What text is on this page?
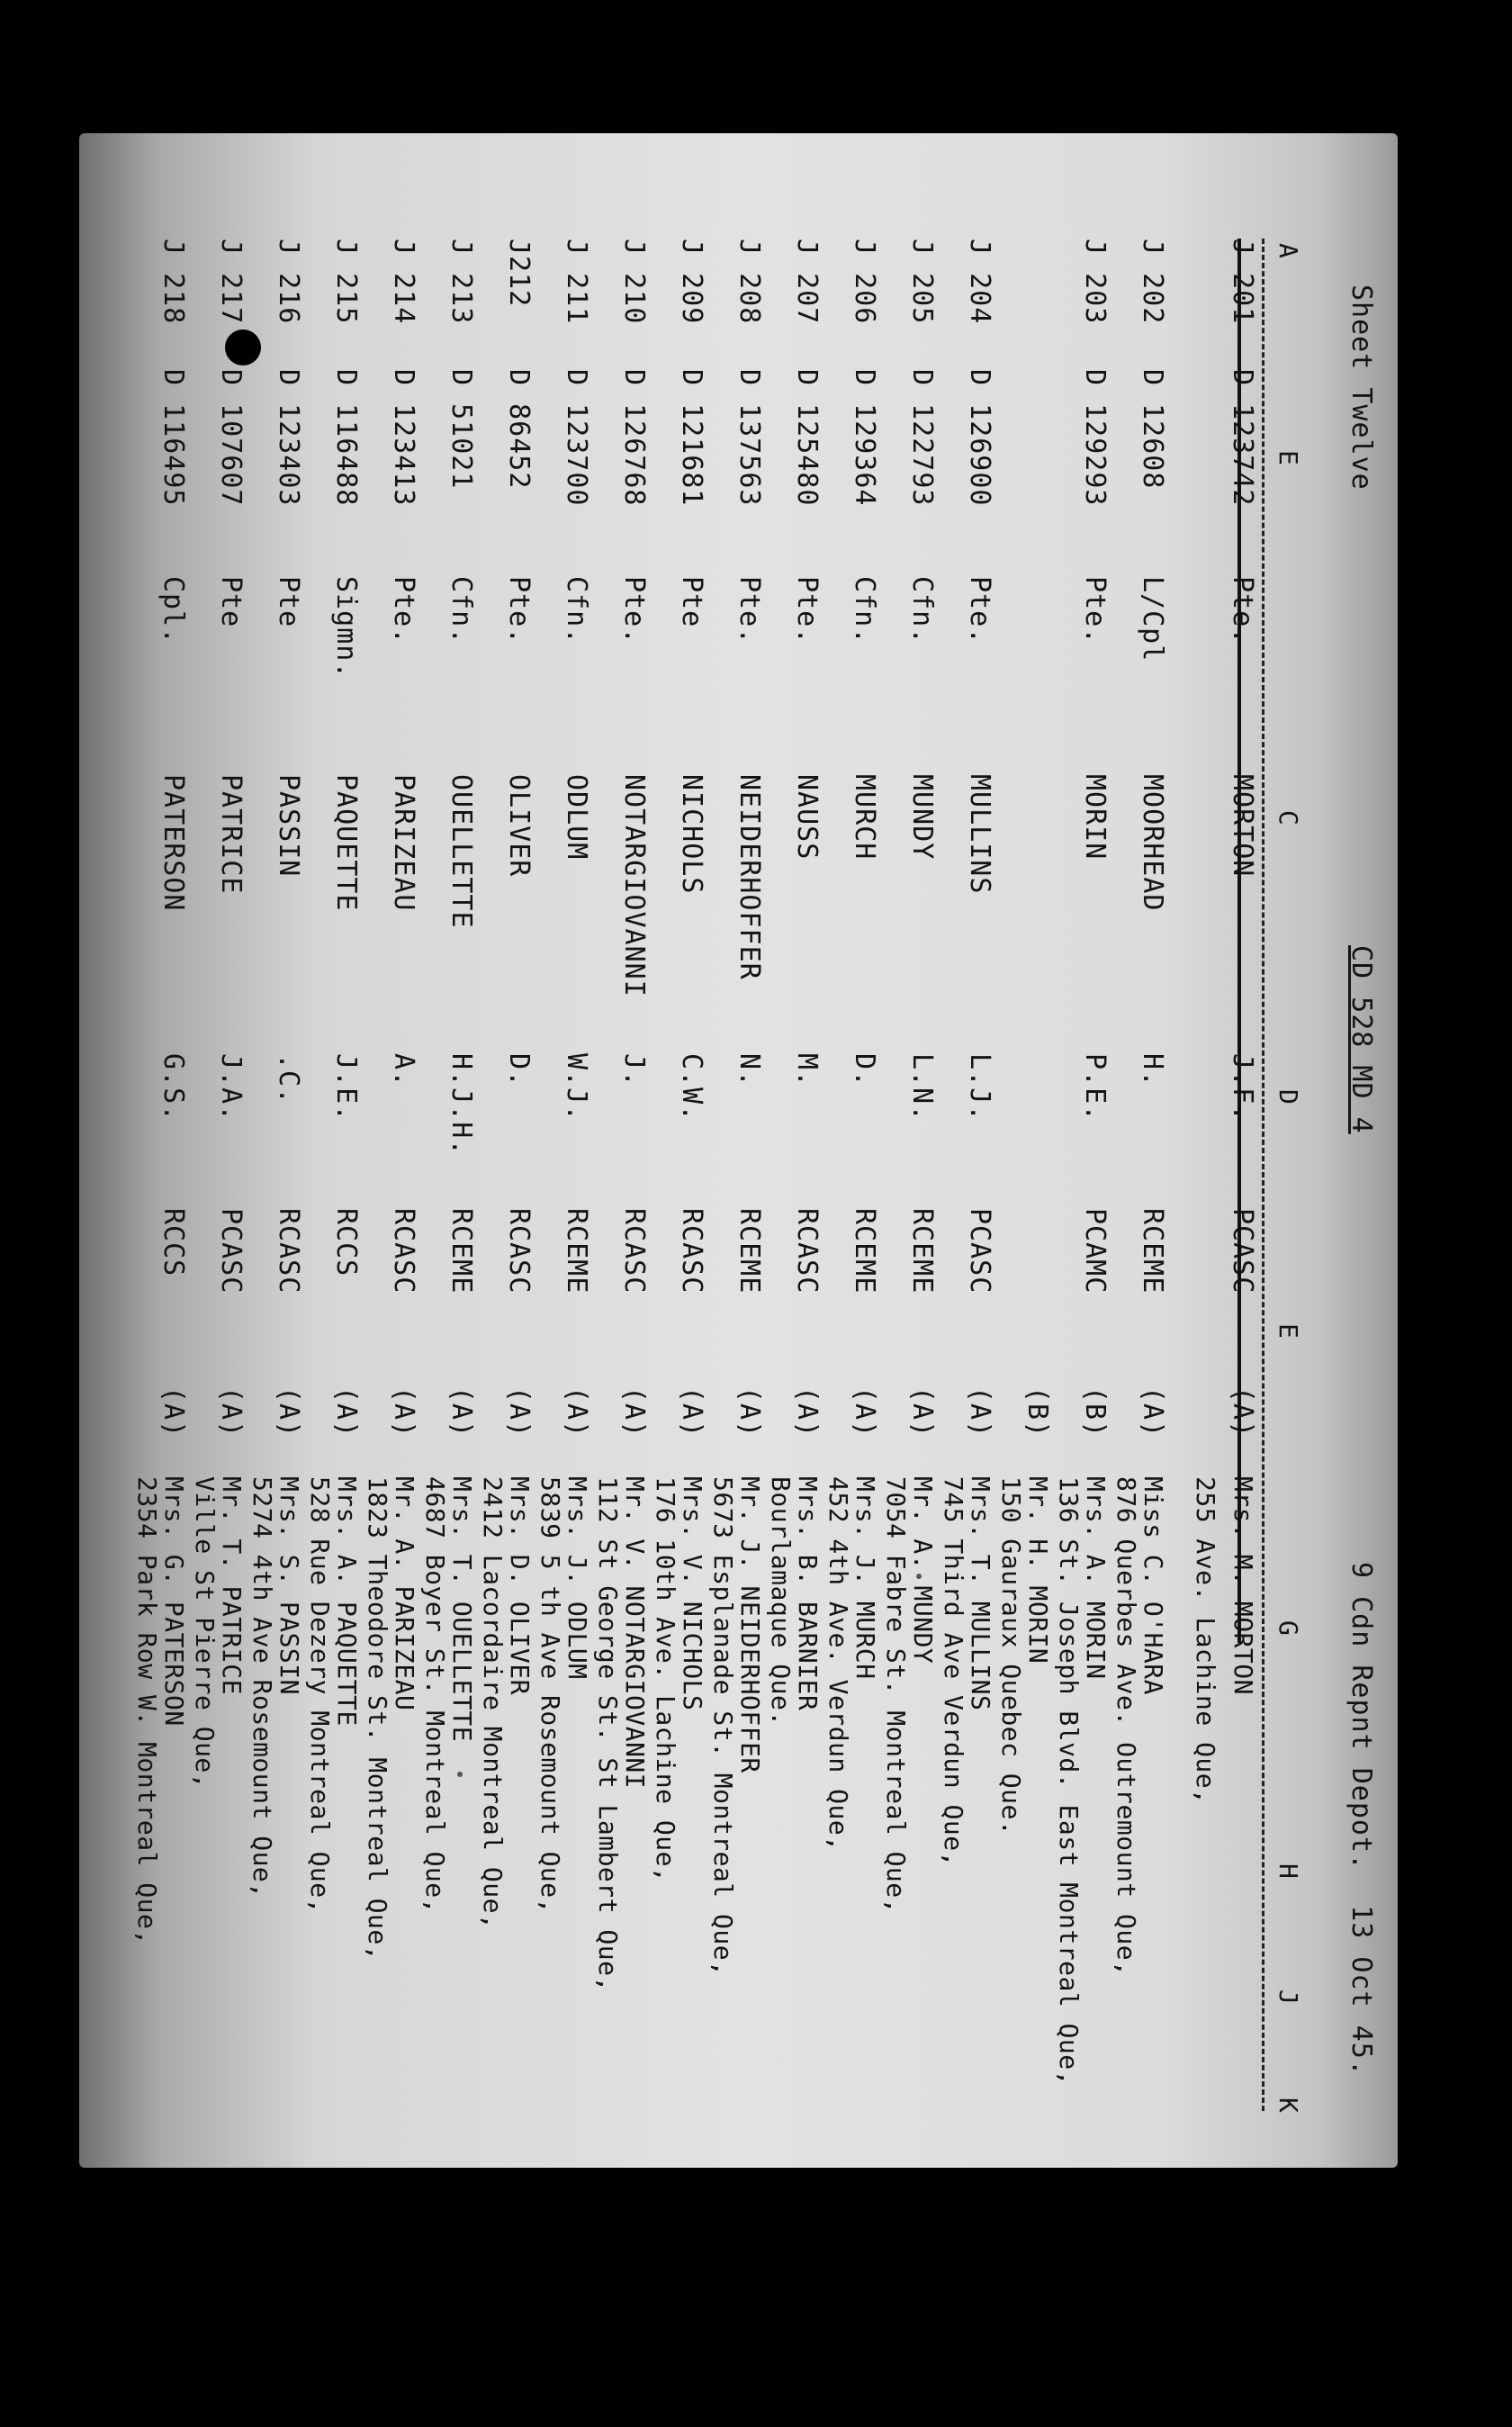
Sheet Twelve
CD 528 MD 4
9 Cdn Repnt Depot.  13 Oct 45.
A
E
C
D
E
G
H
J
K
J 201
D 123742
Pte.
MORTON
J.F.
PCASC
(A)
Mrs. M. MORTON
255 Ave. Lachine Que,
J 202
D 12608
L/Cpl
MOORHEAD
H.
RCEME
(A)
Miss C. O'HARA
876 Querbes Ave. Outremount Que,
J 203
D 129293
Pte.
MORIN
P.E.
PCAMC
(B)
Mrs. A. MORIN
136 St. Joseph Blvd. East Montreal Que,
(B)
Mr. H. MORIN
150 Gauraux Quebec Que.
J 204
D 126900
Pte.
MULLINS
L.J.
PCASC
(A)
Mrs. T. MULLINS
745 Third Ave Verdun Que,
J 205
D 122793
Cfn.
MUNDY
L.N.
RCEME
(A)
Mr. A. MUNDY
7054 Fabre St. Montreal Que,
J 206
D 129364
Cfn.
MURCH
D.
RCEME
(A)
Mrs. J. MURCH
452 4th Ave. Verdun Que,
J 207
D 125480
Pte.
NAUSS
M.
RCASC
(A)
Mrs. B. BARNIER
Bourlamaque Que.
J 208
D 137563
Pte.
NEIDERHOFFER
N.
RCEME
(A)
Mr. J. NEIDERHOFFER
5673 Esplanade St. Montreal Que,
J 209
D 121681
Pte
NICHOLS
C.W.
RCASC
(A)
Mrs. V. NICHOLS
176 10th Ave. Lachine Que,
J 210
D 126768
Pte.
NOTARGIOVANNI
J.
RCASC
(A)
Mr. V. NOTARGIOVANNI
112 St George St. St Lambert Que,
J 211
D 123700
Cfn.
ODLUM
W.J.
RCEME
(A)
Mrs. J. ODLUM
5839 5 th Ave Rosemount Que,
J212
D 86452
Pte.
OLIVER
D.
RCASC
(A)
Mrs. D. OLIVER
2412 Lacordaire Montreal Que,
J 213
D 51021
Cfn.
OUELLETTE
H.J.H.
RCEME
(A)
Mrs. T. OUELLETTE
4687 Boyer St. Montreal Que,
J 214
D 123413
Pte.
PARIZEAU
A.
RCASC
(A)
Mr. A. PARIZEAU
1823 Theodore St. Montreal Que,
J 215
D 116488
Sigmn.
PAQUETTE
J.E.
RCCS
(A)
Mrs. A. PAQUETTE
528 Rue Dezery Montreal Que,
J 216
D 123403
Pte
PASSIN
.C.
RCASC
(A)
Mrs. S. PASSIN
5274 4th Ave Rosemount Que,
J 217
D 107607
Pte
PATRICE
J.A.
PCASC
(A)
Mr. T. PATRICE
Ville St Pierre Que,
J 218
D 116495
Cpl.
PATERSON
G.S.
RCCS
(A)
Mrs. G. PATERSON
2354 Park Row W. Montreal Que,
